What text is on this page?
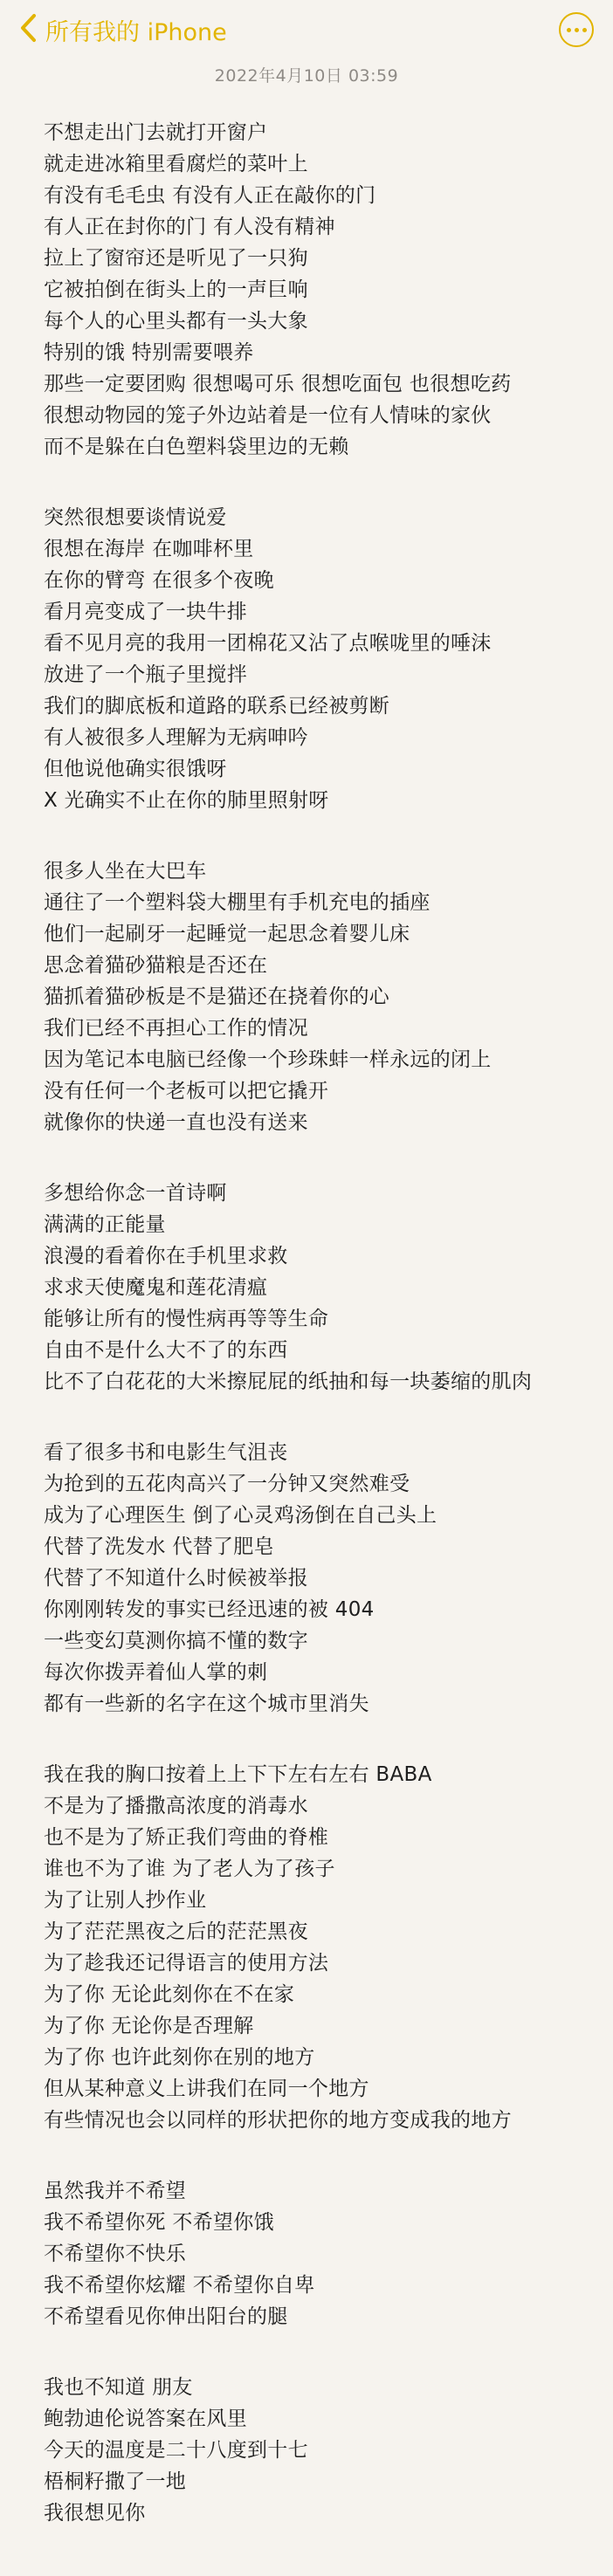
所有我的 iPhone
2022年4月10日 03:59
不想走出门去就打开窗户
就走进冰箱里看腐烂的菜叶上
有没有毛毛虫 有没有人正在敲你的门
有人正在封你的门 有人没有精神
拉上了窗帘还是听见了一只狗
它被拍倒在街头上的一声巨响
每个人的心里头都有一头大象
特别的饿 特别需要喂养
那些一定要团购 很想喝可乐 很想吃面包 也很想吃药
很想动物园的笼子外边站着是一位有人情味的家伙
而不是躲在白色塑料袋里边的无赖
突然很想要谈情说爱
很想在海岸 在咖啡杯里
在你的臂弯 在很多个夜晚
看月亮变成了一块牛排
看不见月亮的我用一团棉花又沾了点喉咙里的唾沫
放进了一个瓶子里搅拌
我们的脚底板和道路的联系已经被剪断
有人被很多人理解为无病呻吟
但他说他确实很饿呀
X 光确实不止在你的肺里照射呀
很多人坐在大巴车
通往了一个塑料袋大棚里有手机充电的插座
他们一起刷牙一起睡觉一起思念着婴儿床
思念着猫砂猫粮是否还在
猫抓着猫砂板是不是猫还在挠着你的心
我们已经不再担心工作的情况
因为笔记本电脑已经像一个珍珠蚌一样永远的闭上
没有任何一个老板可以把它撬开
就像你的快递一直也没有送来
多想给你念一首诗啊
满满的正能量
浪漫的看着你在手机里求救
求求天使魔鬼和莲花清瘟
能够让所有的慢性病再等等生命
自由不是什么大不了的东西
比不了白花花的大米擦屁屁的纸抽和每一块萎缩的肌肉
看了很多书和电影生气沮丧
为抢到的五花肉高兴了一分钟又突然难受
成为了心理医生 倒了心灵鸡汤倒在自己头上
代替了洗发水 代替了肥皂
代替了不知道什么时候被举报
你刚刚转发的事实已经迅速的被 404
一些变幻莫测你搞不懂的数字
每次你拨弄着仙人掌的刺
都有一些新的名字在这个城市里消失
我在我的胸口按着上上下下左右左右 BABA
不是为了播撒高浓度的消毒水
也不是为了矫正我们弯曲的脊椎
谁也不为了谁 为了老人为了孩子
为了让别人抄作业
为了茫茫黑夜之后的茫茫黑夜
为了趁我还记得语言的使用方法
为了你 无论此刻你在不在家
为了你 无论你是否理解
为了你 也许此刻你在别的地方
但从某种意义上讲我们在同一个地方
有些情况也会以同样的形状把你的地方变成我的地方
虽然我并不希望
我不希望你死 不希望你饿
不希望你不快乐
我不希望你炫耀 不希望你自卑
不希望看见你伸出阳台的腿
我也不知道 朋友
鲍勃迪伦说答案在风里
今天的温度是二十八度到十七
梧桐籽撒了一地
我很想见你
